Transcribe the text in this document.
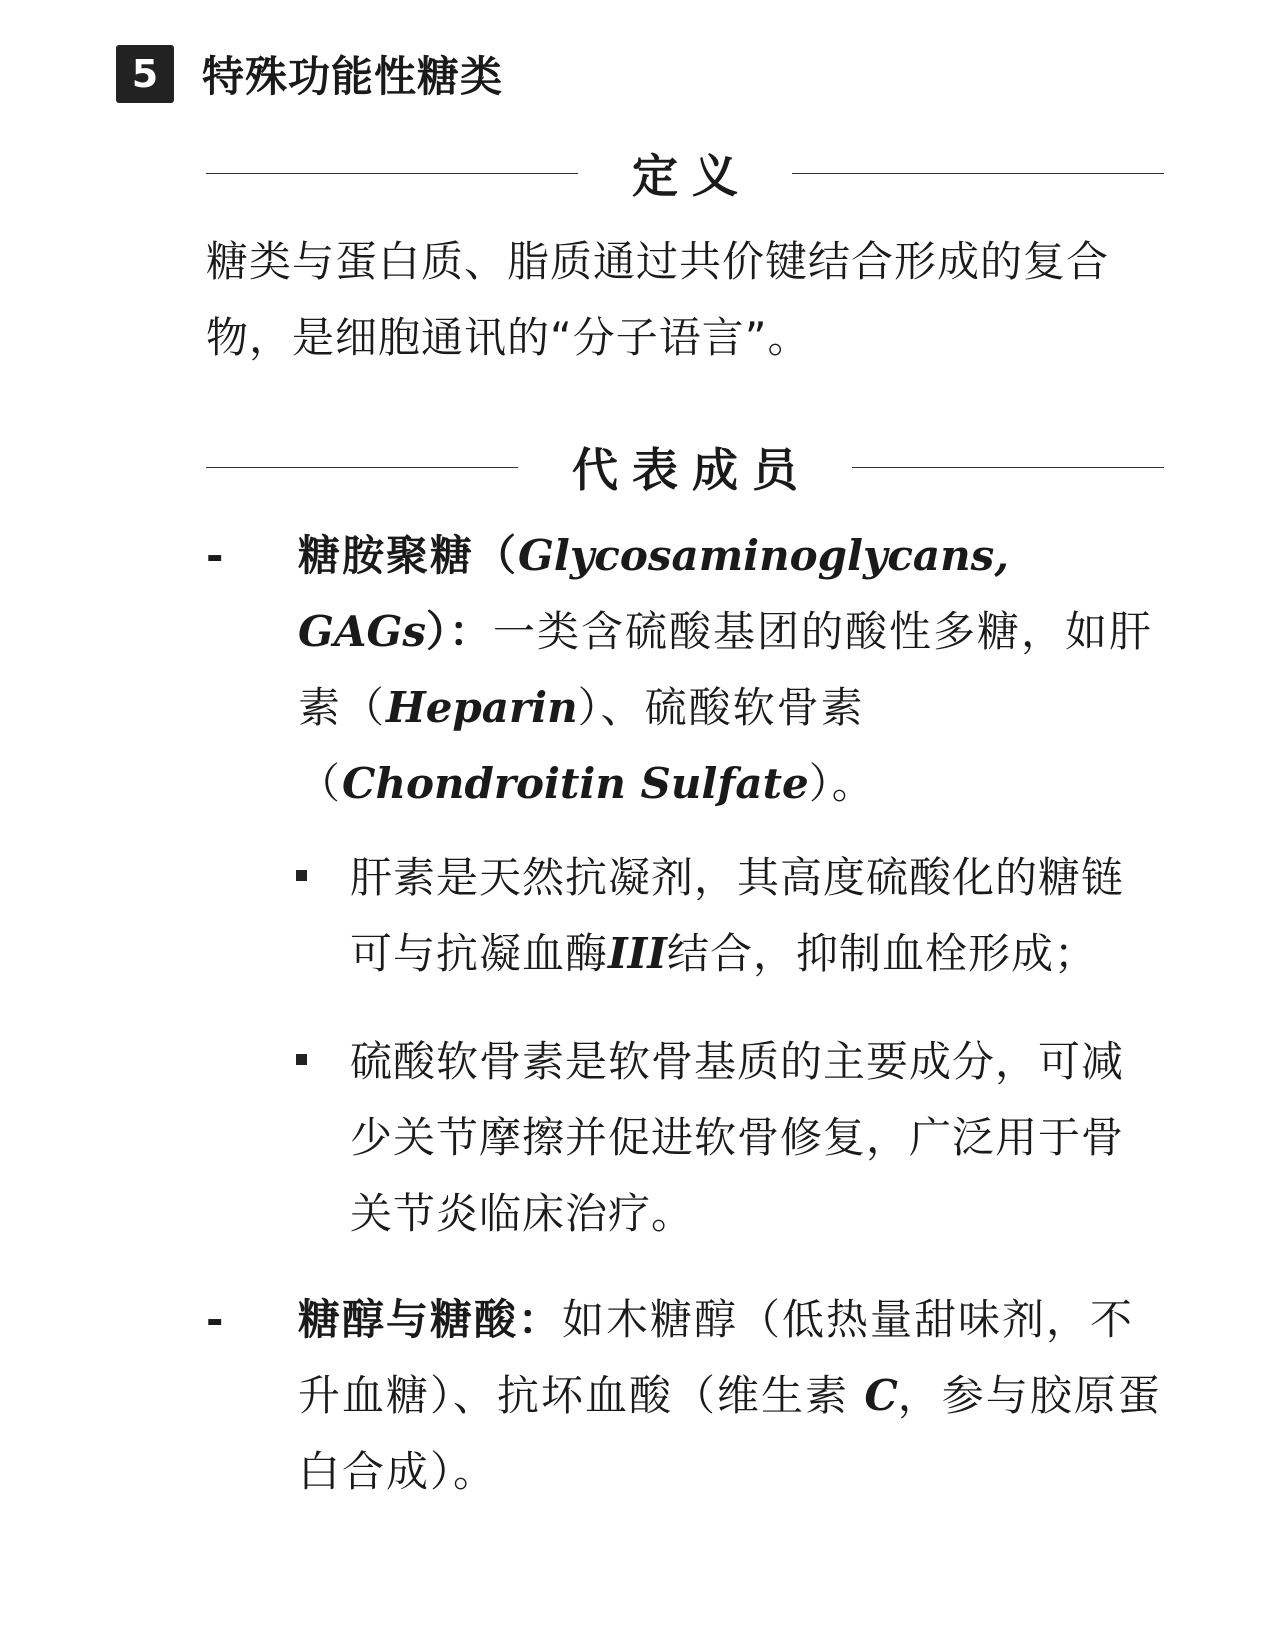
5	特殊功能性糖类
定义
糖类与蛋白质、脂质通过共价键结合形成的复合物，是细胞通讯的“分子语言”。
代表成员
- 糖胺聚糖（Glycosaminoglycans,　GAGs）：一类含硫酸基团的酸性多糖，如肝素（Heparin）、硫酸软骨素（Chondroitin Sulfate）。
肝素是天然抗凝剂，其高度硫酸化的糖链可与抗凝血酶III结合，抑制血栓形成；
硫酸软骨素是软骨基质的主要成分，可减少关节摩擦并促进软骨修复，广泛用于骨关节炎临床治疗。
- 糖醇与糖酸：如木糖醇（低热量甜味剂，不升血糖）、抗坏血酸（维生素 C，参与胶原蛋白合成）。
